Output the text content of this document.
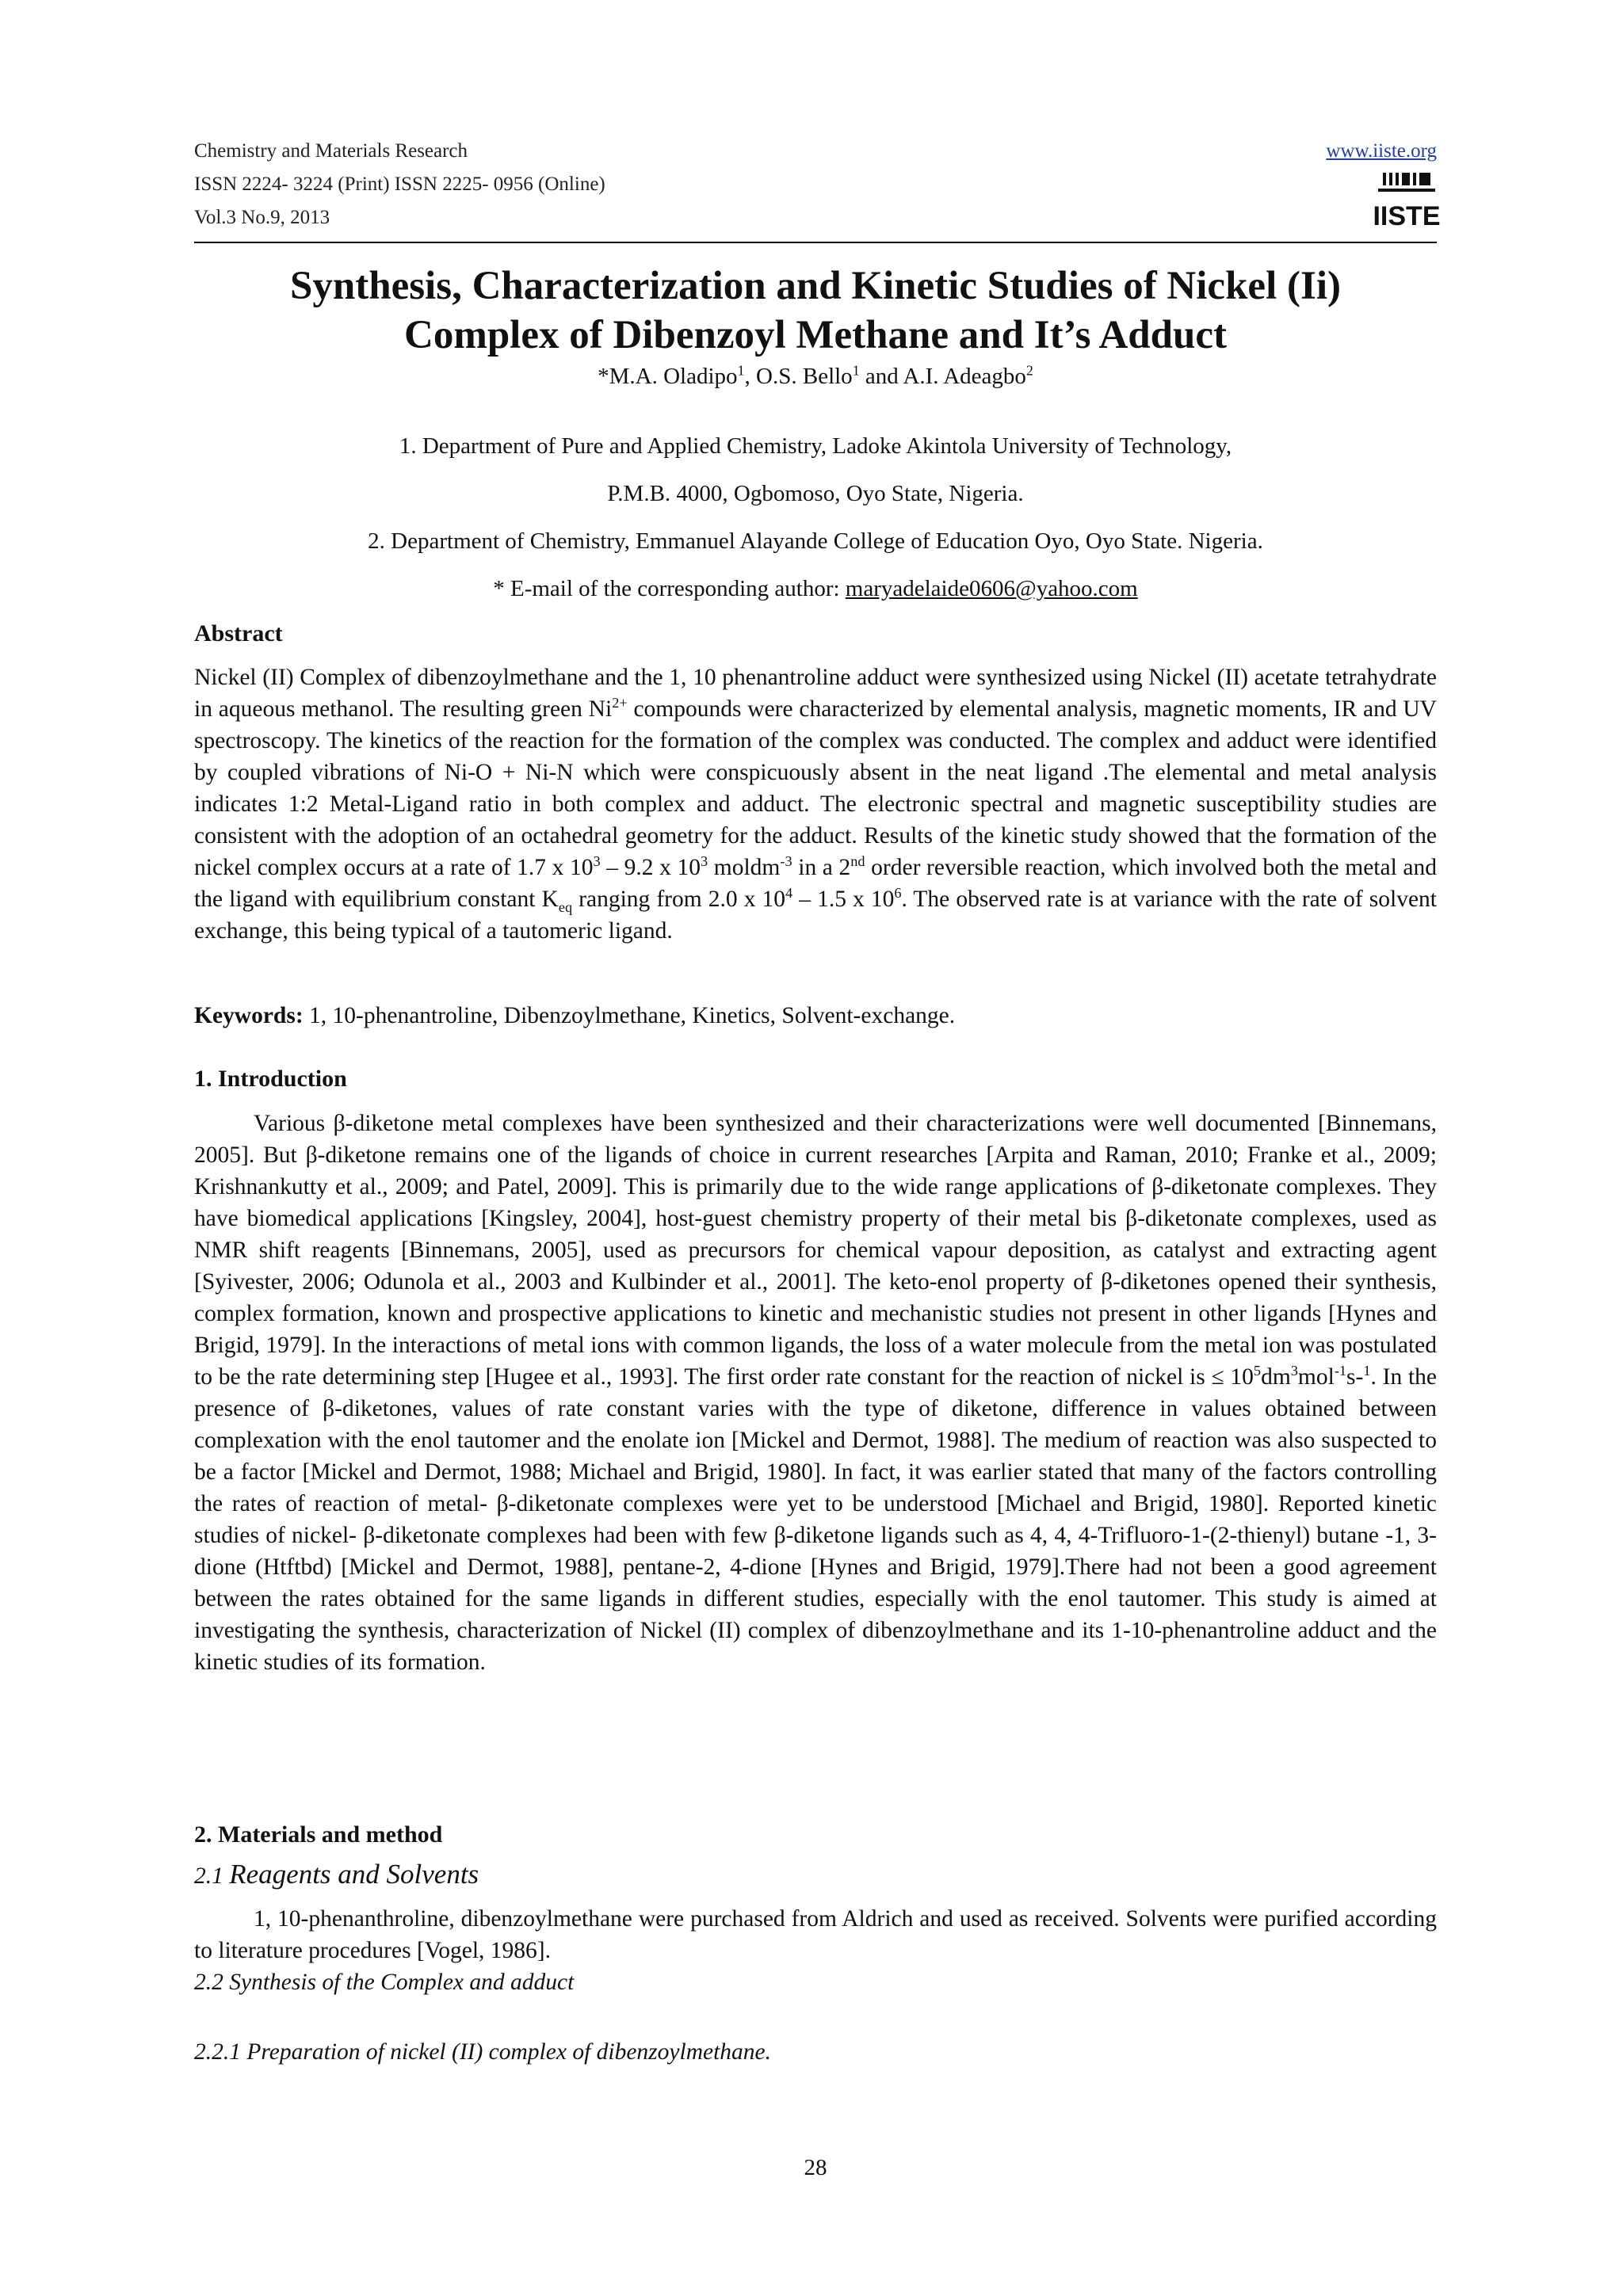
Chemistry and Materials Research
ISSN 2224- 3224 (Print) ISSN 2225- 0956 (Online)
Vol.3 No.9, 2013
www.iiste.org
IISTE
Synthesis, Characterization and Kinetic Studies of Nickel (Ii)
Complex of Dibenzoyl Methane and It’s Adduct
*M.A. Oladipo$^1$, O.S. Bello$^1$ and A.I. Adeagbo$^2$
1. Department of Pure and Applied Chemistry, Ladoke Akintola University of Technology,
P.M.B. 4000, Ogbomoso, Oyo State, Nigeria.
2. Department of Chemistry, Emmanuel Alayande College of Education Oyo, Oyo State. Nigeria.
* E-mail of the corresponding author: maryadelaide0606@yahoo.com
Abstract
Nickel (II) Complex of dibenzoylmethane and the 1, 10 phenantroline adduct were synthesized using Nickel (II) acetate tetrahydrate in aqueous methanol. The resulting green $Ni^{2+}$ compounds were characterized by elemental analysis, magnetic moments, IR and UV spectroscopy. The kinetics of the reaction for the formation of the complex was conducted. The complex and adduct were identified by coupled vibrations of Ni-O + Ni-N which were conspicuously absent in the neat ligand .The elemental and metal analysis indicates 1:2 Metal-Ligand ratio in both complex and adduct. The electronic spectral and magnetic susceptibility studies are consistent with the adoption of an octahedral geometry for the adduct. Results of the kinetic study showed that the formation of the nickel complex occurs at a rate of 1.7 x $10^3 - 9.2$ x $10^3$ moldm$^{-3}$ in a 2nd order reversible reaction, which involved both the metal and the ligand with equilibrium constant $K_{eq}$ ranging from 2.0 x $10^4 - 1.5$ x $10^6$. The observed rate is at variance with the rate of solvent exchange, this being typical of a tautomeric ligand.
Keywords: 1, 10-phenantroline, Dibenzoylmethane, Kinetics, Solvent-exchange.
1. Introduction
Various β-diketone metal complexes have been synthesized and their characterizations were well documented [Binnemans, 2005]. But β-diketone remains one of the ligands of choice in current researches [Arpita and Raman, 2010; Franke et al., 2009; Krishnankutty et al., 2009; and Patel, 2009]. This is primarily due to the wide range applications of β-diketonate complexes. They have biomedical applications [Kingsley, 2004], host-guest chemistry property of their metal bis β-diketonate complexes, used as NMR shift reagents [Binnemans, 2005], used as precursors for chemical vapour deposition, as catalyst and extracting agent [Syivester, 2006; Odunola et al., 2003 and Kulbinder et al., 2001]. The keto-enol property of β-diketones opened their synthesis, complex formation, known and prospective applications to kinetic and mechanistic studies not present in other ligands [Hynes and Brigid, 1979]. In the interactions of metal ions with common ligands, the loss of a water molecule from the metal ion was postulated to be the rate determining step [Hugee et al., 1993]. The first order rate constant for the reaction of nickel is ≤ $10^5dm^3mol^{-1}s-^1$. In the presence of β-diketones, values of rate constant varies with the type of diketone, difference in values obtained between complexation with the enol tautomer and the enolate ion [Mickel and Dermot, 1988]. The medium of reaction was also suspected to be a factor [Mickel and Dermot, 1988; Michael and Brigid, 1980]. In fact, it was earlier stated that many of the factors controlling the rates of reaction of metal- β-diketonate complexes were yet to be understood [Michael and Brigid, 1980]. Reported kinetic studies of nickel- β-diketonate complexes had been with few β-diketone ligands such as 4, 4, 4-Trifluoro-1-(2-thienyl) butane -1, 3-dione (Htftbd) [Mickel and Dermot, 1988], pentane-2, 4-dione [Hynes and Brigid, 1979].There had not been a good agreement between the rates obtained for the same ligands in different studies, especially with the enol tautomer. This study is aimed at investigating the synthesis, characterization of Nickel (II) complex of dibenzoylmethane and its 1-10-phenantroline adduct and the kinetic studies of its formation.
2. Materials and method
2.1 Reagents and Solvents
1, 10-phenanthroline, dibenzoylmethane were purchased from Aldrich and used as received. Solvents were purified according to literature procedures [Vogel, 1986].
2.2 Synthesis of the Complex and adduct
2.2.1 Preparation of nickel (II) complex of dibenzoylmethane.
28
